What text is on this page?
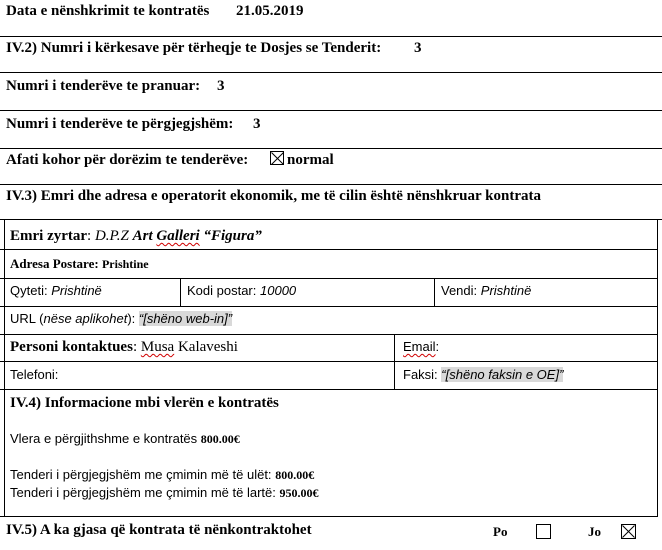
Data e nënshkrimit te kontratës 21.05.2019
IV.2) Numri i kërkesave për tërheqje te Dosjes se Tenderit: 3
Numri i tenderëve te pranuar: 3
Numri i tenderëve te përgjegjshëm: 3
Afati kohor për dorëzim te tenderëve:	normal
IV.3) Emri dhe adresa e operatorit ekonomik, me të cilin është nënshkruar kontrata
Emri zyrtar: D.P.Z Art Galleri “Figura”
Adresa Postare: Prishtine
Qyteti: Prishtinë	Kodi postar: 10000	Vendi: Prishtinë
URL (nëse aplikohet): “[shëno web-in]”
Personi kontaktues: Musa Kalaveshi	Email:
Telefoni:	Faksi: “[shëno faksin e OE]”
IV.4) Informacione mbi vlerën e kontratës
Vlera e përgjithshme e kontratës 800.00€
Tenderi i përgjegjshëm me çmimin më të ulët: 800.00€
Tenderi i përgjegjshëm me çmimin më të lartë: 950.00€
IV.5) A ka gjasa që kontrata të nënkontraktohet	Po	Jo
